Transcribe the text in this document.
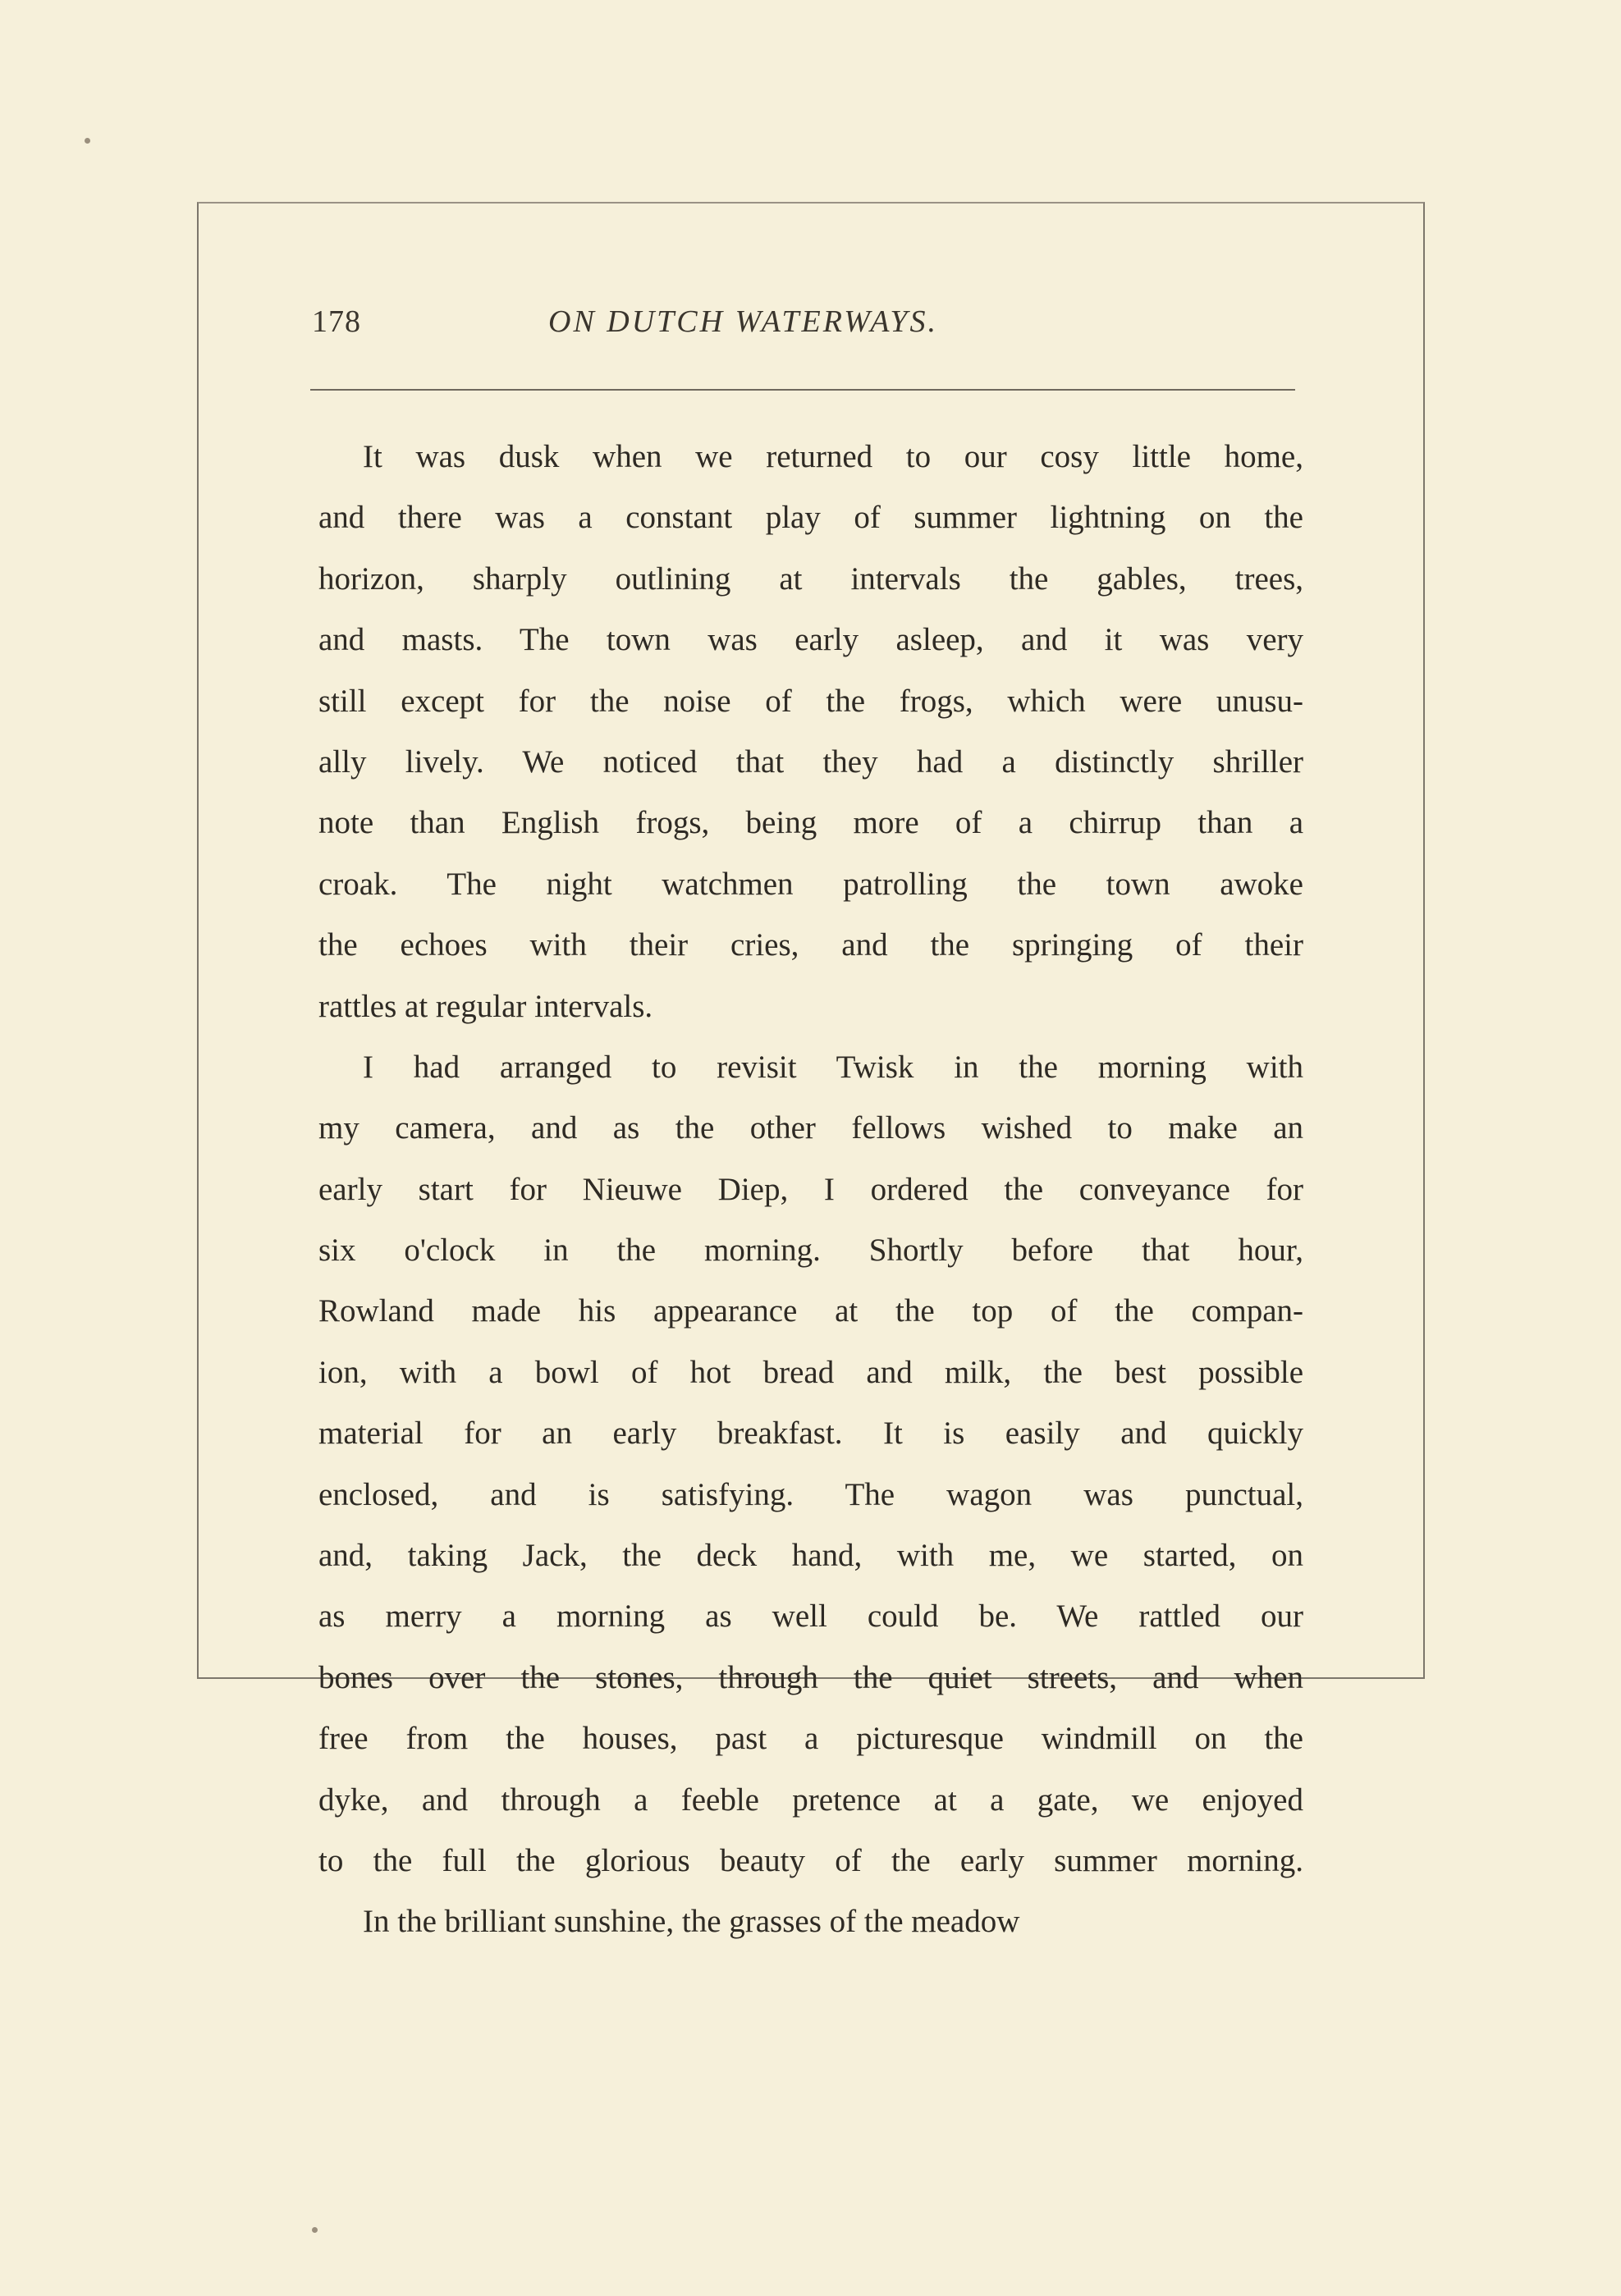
178	ON DUTCH WATERWAYS.
It was dusk when we returned to our cosy little home,
and there was a constant play of summer lightning on the
horizon, sharply outlining at intervals the gables, trees,
and masts. The town was early asleep, and it was very
still except for the noise of the frogs, which were unusu-
ally lively. We noticed that they had a distinctly shriller
note than English frogs, being more of a chirrup than a
croak. The night watchmen patrolling the town awoke
the echoes with their cries, and the springing of their
rattles at regular intervals.
I had arranged to revisit Twisk in the morning with
my camera, and as the other fellows wished to make an
early start for Nieuwe Diep, I ordered the conveyance for
six o'clock in the morning. Shortly before that hour,
Rowland made his appearance at the top of the compan-
ion, with a bowl of hot bread and milk, the best possible
material for an early breakfast. It is easily and quickly
enclosed, and is satisfying. The wagon was punctual,
and, taking Jack, the deck hand, with me, we started, on
as merry a morning as well could be. We rattled our
bones over the stones, through the quiet streets, and when
free from the houses, past a picturesque windmill on the
dyke, and through a feeble pretence at a gate, we enjoyed
to the full the glorious beauty of the early summer morning.
In the brilliant sunshine, the grasses of the meadow
